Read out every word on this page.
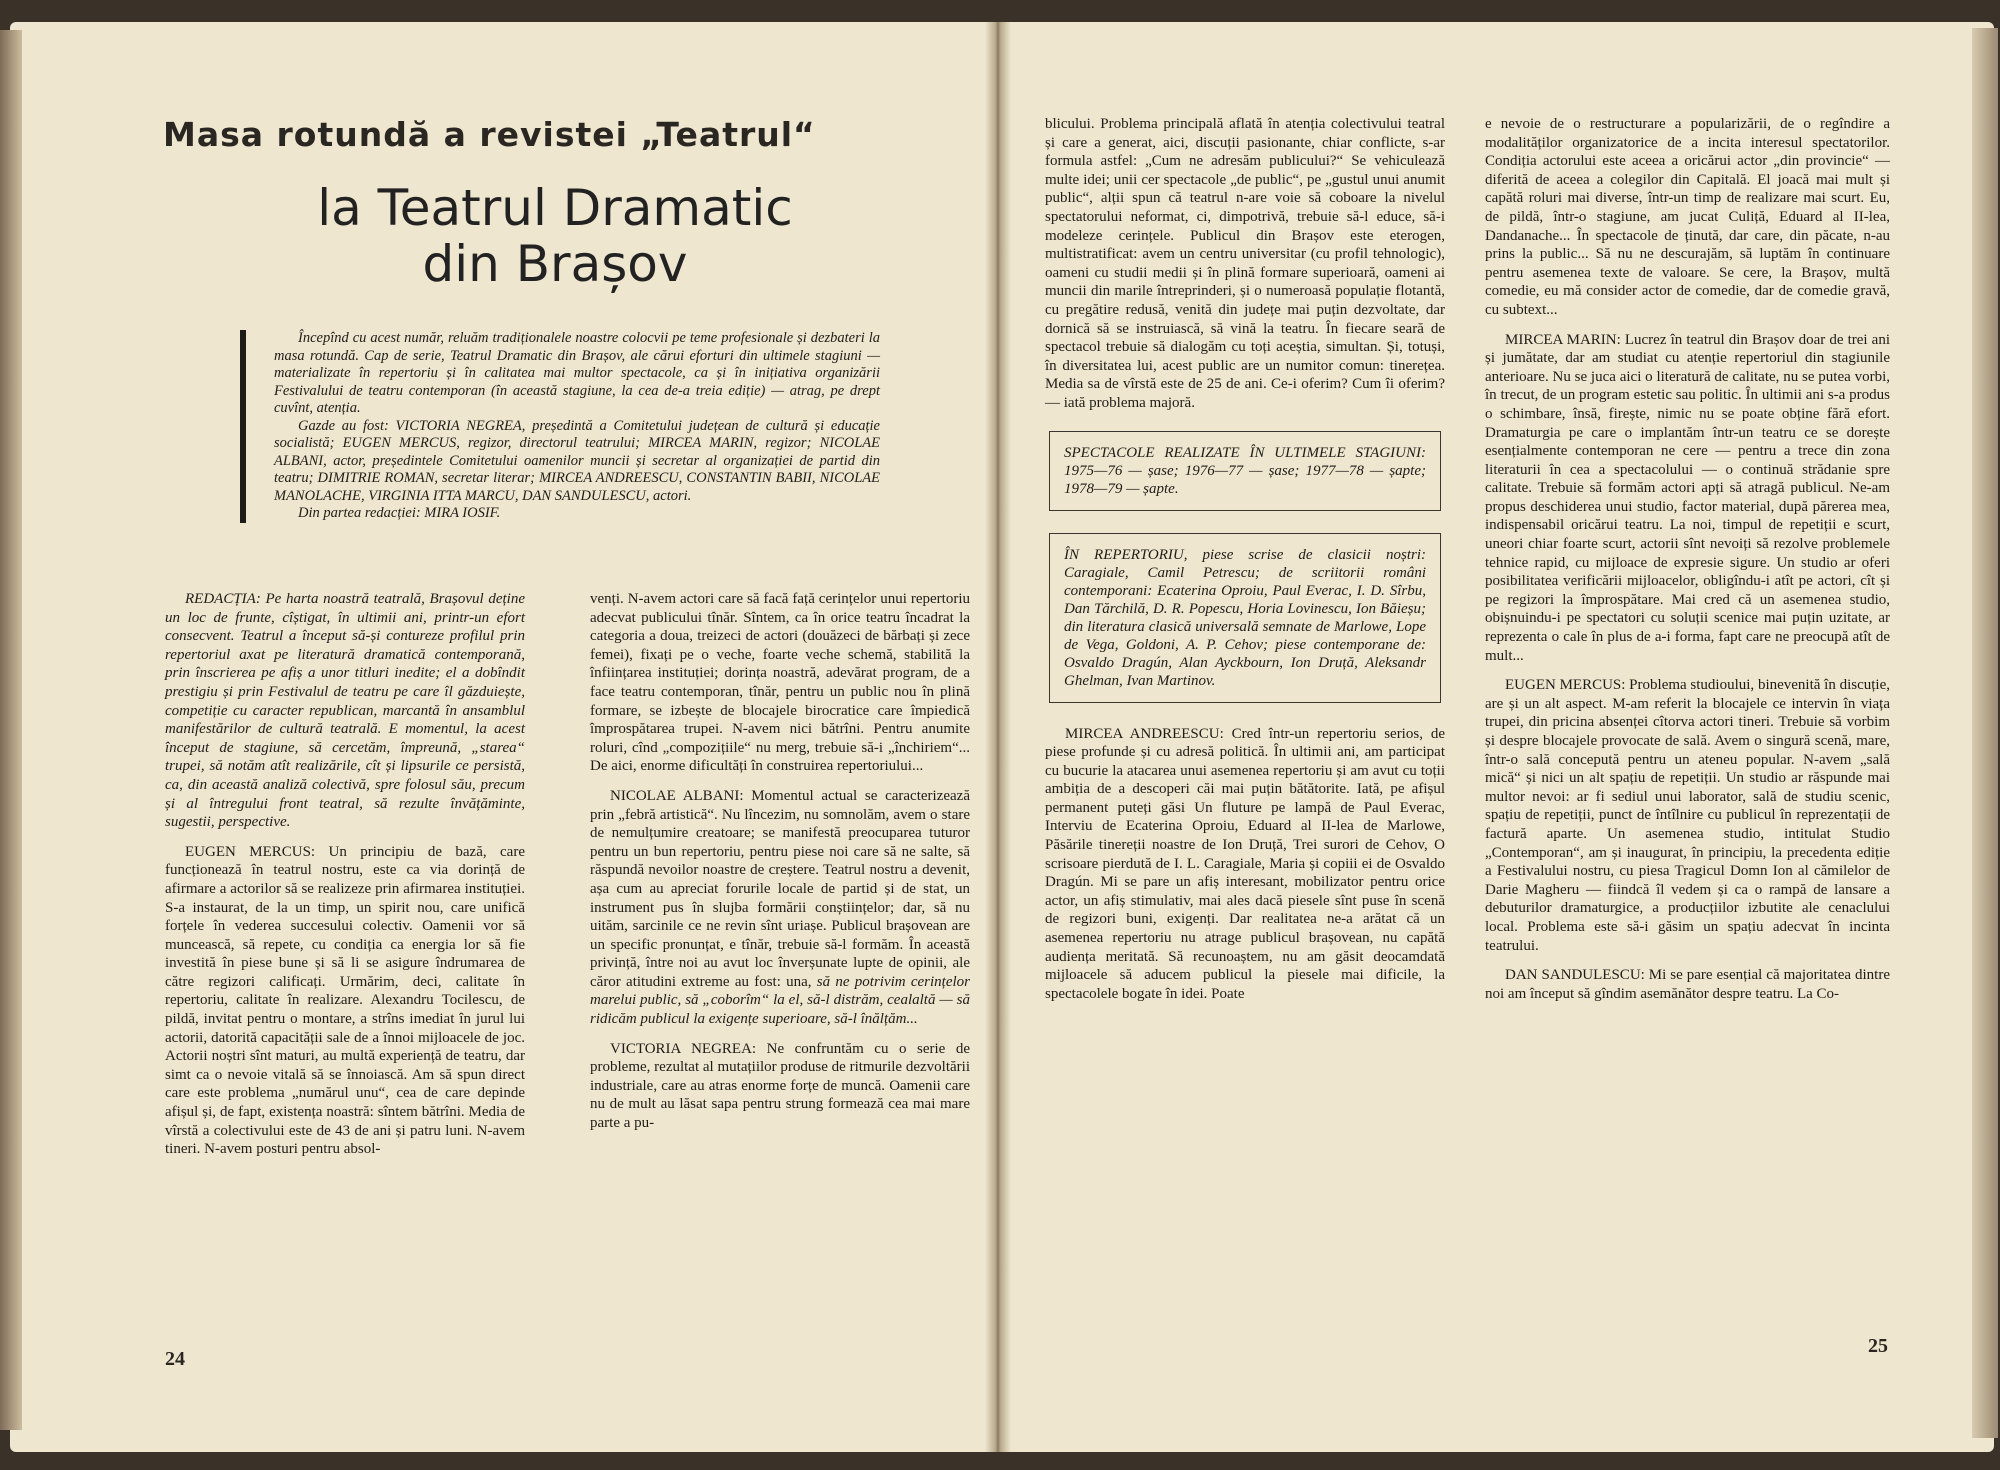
Masa rotundă a revistei „Teatrul“
la Teatrul Dramatic
din Brașov

Începînd cu acest număr, reluăm tradiționalele noastre colocvii pe teme profesionale și dezbateri la masa rotundă. Cap de serie, Teatrul Dramatic din Brașov, ale cărui eforturi din ultimele stagiuni — materializate în repertoriu și în calitatea mai multor spectacole, ca și în inițiativa organizării Festivalului de teatru contemporan (în această stagiune, la cea de-a treia ediție) — atrag, pe drept cuvînt, atenția.

Gazde au fost: VICTORIA NEGREA, președintă a Comitetului județean de cultură și educație socialistă; EUGEN MERCUS, regizor, directorul teatrului; MIRCEA MARIN, regizor; NICOLAE ALBANI, actor, președintele Comitetului oamenilor muncii și secretar al organizației de partid din teatru; DIMITRIE ROMAN, secretar literar; MIRCEA ANDREESCU, CONSTANTIN BABII, NICOLAE MANOLACHE, VIRGINIA ITTA MARCU, DAN SANDULESCU, actori.

Din partea redacției: MIRA IOSIF.

REDACȚIA: Pe harta noastră teatrală, Brașovul deține un loc de frunte, cîștigat, în ultimii ani, printr-un efort consecvent. Teatrul a început să-și contureze profilul prin repertoriul axat pe literatură dramatică contemporană, prin înscrierea pe afiș a unor titluri inedite; el a dobîndit prestigiu și prin Festivalul de teatru pe care îl găzduiește, competiție cu caracter republican, marcantă în ansamblul manifestărilor de cultură teatrală. E momentul, la acest început de stagiune, să cercetăm, împreună, „starea“ trupei, să notăm atît realizările, cît și lipsurile ce persistă, ca, din această analiză colectivă, spre folosul său, precum și al întregului front teatral, să rezulte învățăminte, sugestii, perspective.

EUGEN MERCUS: Un principiu de bază, care funcționează în teatrul nostru, este ca via dorință de afirmare a actorilor să se realizeze prin afirmarea instituției. S-a instaurat, de la un timp, un spirit nou, care unifică forțele în vederea succesului colectiv. Oamenii vor să muncească, să repete, cu condiția ca energia lor să fie investită în piese bune și să li se asigure îndrumarea de către regizori calificați. Urmărim, deci, calitate în repertoriu, calitate în realizare. Alexandru Tocilescu, de pildă, invitat pentru o montare, a strîns imediat în jurul lui actorii, datorită capacității sale de a înnoi mijloacele de joc. Actorii noștri sînt maturi, au multă experiență de teatru, dar simt ca o nevoie vitală să se înnoiască. Am să spun direct care este problema „numărul unu“, cea de care depinde afișul și, de fapt, existența noastră: sîntem bătrîni. Media de vîrstă a colectivului este de 43 de ani și patru luni. N-avem tineri. N-avem posturi pentru absol-

venți. N-avem actori care să facă față cerințelor unui repertoriu adecvat publicului tînăr. Sîntem, ca în orice teatru încadrat la categoria a doua, treizeci de actori (douăzeci de bărbați și zece femei), fixați pe o veche, foarte veche schemă, stabilită la înființarea instituției; dorința noastră, adevărat program, de a face teatru contemporan, tînăr, pentru un public nou în plină formare, se izbește de blocajele birocratice care împiedică împrospătarea trupei. N-avem nici bătrîni. Pentru anumite roluri, cînd „compozițiile“ nu merg, trebuie să-i „închiriem“... De aici, enorme dificultăți în construirea repertoriului...

NICOLAE ALBANI: Momentul actual se caracterizează prin „febră artistică“. Nu lîncezim, nu somnolăm, avem o stare de nemulțumire creatoare; se manifestă preocuparea tuturor pentru un bun repertoriu, pentru piese noi care să ne salte, să răspundă nevoilor noastre de creștere. Teatrul nostru a devenit, așa cum au apreciat forurile locale de partid și de stat, un instrument pus în slujba formării conștiințelor; dar, să nu uităm, sarcinile ce ne revin sînt uriașe. Publicul brașovean are un specific pronunțat, e tînăr, trebuie să-l formăm. În această privință, între noi au avut loc înverșunate lupte de opinii, ale căror atitudini extreme au fost: una, să ne potrivim cerințelor marelui public, să „coborîm“ la el, să-l distrăm, cealaltă — să ridicăm publicul la exigențe superioare, să-l înălțăm...

VICTORIA NEGREA: Ne confruntăm cu o serie de probleme, rezultat al mutațiilor produse de ritmurile dezvoltării industriale, care au atras enorme forțe de muncă. Oamenii care nu de mult au lăsat sapa pentru strung formează cea mai mare parte a pu-

24

blicului. Problema principală aflată în atenția colectivului teatral și care a generat, aici, discuții pasionante, chiar conflicte, s-ar formula astfel: „Cum ne adresăm publicului?“ Se vehiculează multe idei; unii cer spectacole „de public“, pe „gustul unui anumit public“, alții spun că teatrul n-are voie să coboare la nivelul spectatorului neformat, ci, dimpotrivă, trebuie să-l educe, să-i modeleze cerințele. Publicul din Brașov este eterogen, multistratificat: avem un centru universitar (cu profil tehnologic), oameni cu studii medii și în plină formare superioară, oameni ai muncii din marile întreprinderi, și o numeroasă populație flotantă, cu pregătire redusă, venită din județe mai puțin dezvoltate, dar dornică să se instruiască, să vină la teatru. În fiecare seară de spectacol trebuie să dialogăm cu toți aceștia, simultan. Și, totuși, în diversitatea lui, acest public are un numitor comun: tinerețea. Media sa de vîrstă este de 25 de ani. Ce-i oferim? Cum îi oferim? — iată problema majoră.

SPECTACOLE REALIZATE ÎN ULTIMELE STAGIUNI: 1975—76 — șase; 1976—77 — șase; 1977—78 — șapte; 1978—79 — șapte.
ÎN REPERTORIU, piese scrise de clasicii noștri: Caragiale, Camil Petrescu; de scriitorii români contemporani: Ecaterina Oproiu, Paul Everac, I. D. Sîrbu, Dan Tărchilă, D. R. Popescu, Horia Lovinescu, Ion Băieșu; din literatura clasică universală semnate de Marlowe, Lope de Vega, Goldoni, A. P. Cehov; piese contemporane de: Osvaldo Dragún, Alan Ayckbourn, Ion Druță, Aleksandr Ghelman, Ivan Martinov.

MIRCEA ANDREESCU: Cred într-un repertoriu serios, de piese profunde și cu adresă politică. În ultimii ani, am participat cu bucurie la atacarea unui asemenea repertoriu și am avut cu toții ambiția de a descoperi căi mai puțin bătătorite. Iată, pe afișul permanent puteți găsi Un fluture pe lampă de Paul Everac, Interviu de Ecaterina Oproiu, Eduard al II-lea de Marlowe, Păsările tinereții noastre de Ion Druță, Trei surori de Cehov, O scrisoare pierdută de I. L. Caragiale, Maria și copiii ei de Osvaldo Dragún. Mi se pare un afiș interesant, mobilizator pentru orice actor, un afiș stimulativ, mai ales dacă piesele sînt puse în scenă de regizori buni, exigenți. Dar realitatea ne-a arătat că un asemenea repertoriu nu atrage publicul brașovean, nu capătă audiența meritată. Să recunoaștem, nu am găsit deocamdată mijloacele să aducem publicul la piesele mai dificile, la spectacolele bogate în idei. Poate

e nevoie de o restructurare a popularizării, de o regîndire a modalităților organizatorice de a incita interesul spectatorilor. Condiția actorului este aceea a oricărui actor „din provincie“ — diferită de aceea a colegilor din Capitală. El joacă mai mult și capătă roluri mai diverse, într-un timp de realizare mai scurt. Eu, de pildă, într-o stagiune, am jucat Culiță, Eduard al II-lea, Dandanache... În spectacole de ținută, dar care, din păcate, n-au prins la public... Să nu ne descurajăm, să luptăm în continuare pentru asemenea texte de valoare. Se cere, la Brașov, multă comedie, eu mă consider actor de comedie, dar de comedie gravă, cu subtext...

MIRCEA MARIN: Lucrez în teatrul din Brașov doar de trei ani și jumătate, dar am studiat cu atenție repertoriul din stagiunile anterioare. Nu se juca aici o literatură de calitate, nu se putea vorbi, în trecut, de un program estetic sau politic. În ultimii ani s-a produs o schimbare, însă, firește, nimic nu se poate obține fără efort. Dramaturgia pe care o implantăm într-un teatru ce se dorește esențialmente contemporan ne cere — pentru a trece din zona literaturii în cea a spectacolului — o continuă strădanie spre calitate. Trebuie să formăm actori apți să atragă publicul. Ne-am propus deschiderea unui studio, factor material, după părerea mea, indispensabil oricărui teatru. La noi, timpul de repetiții e scurt, uneori chiar foarte scurt, actorii sînt nevoiți să rezolve problemele tehnice rapid, cu mijloace de expresie sigure. Un studio ar oferi posibilitatea verificării mijloacelor, obligîndu-i atît pe actori, cît și pe regizori la împrospătare. Mai cred că un asemenea studio, obișnuindu-i pe spectatori cu soluții scenice mai puțin uzitate, ar reprezenta o cale în plus de a-i forma, fapt care ne preocupă atît de mult...

EUGEN MERCUS: Problema studioului, binevenită în discuție, are și un alt aspect. M-am referit la blocajele ce intervin în viața trupei, din pricina absenței cîtorva actori tineri. Trebuie să vorbim și despre blocajele provocate de sală. Avem o singură scenă, mare, într-o sală concepută pentru un ateneu popular. N-avem „sală mică“ și nici un alt spațiu de repetiții. Un studio ar răspunde mai multor nevoi: ar fi sediul unui laborator, sală de studiu scenic, spațiu de repetiții, punct de întîlnire cu publicul în reprezentații de factură aparte. Un asemenea studio, intitulat Studio „Contemporan“, am și inaugurat, în principiu, la precedenta ediție a Festivalului nostru, cu piesa Tragicul Domn Ion al cămilelor de Darie Magheru — fiindcă îl vedem și ca o rampă de lansare a debuturilor dramaturgice, a producțiilor izbutite ale cenaclului local. Problema este să-i găsim un spațiu adecvat în incinta teatrului.

DAN SANDULESCU: Mi se pare esențial că majoritatea dintre noi am început să gîndim asemănător despre teatru. La Co-

25
